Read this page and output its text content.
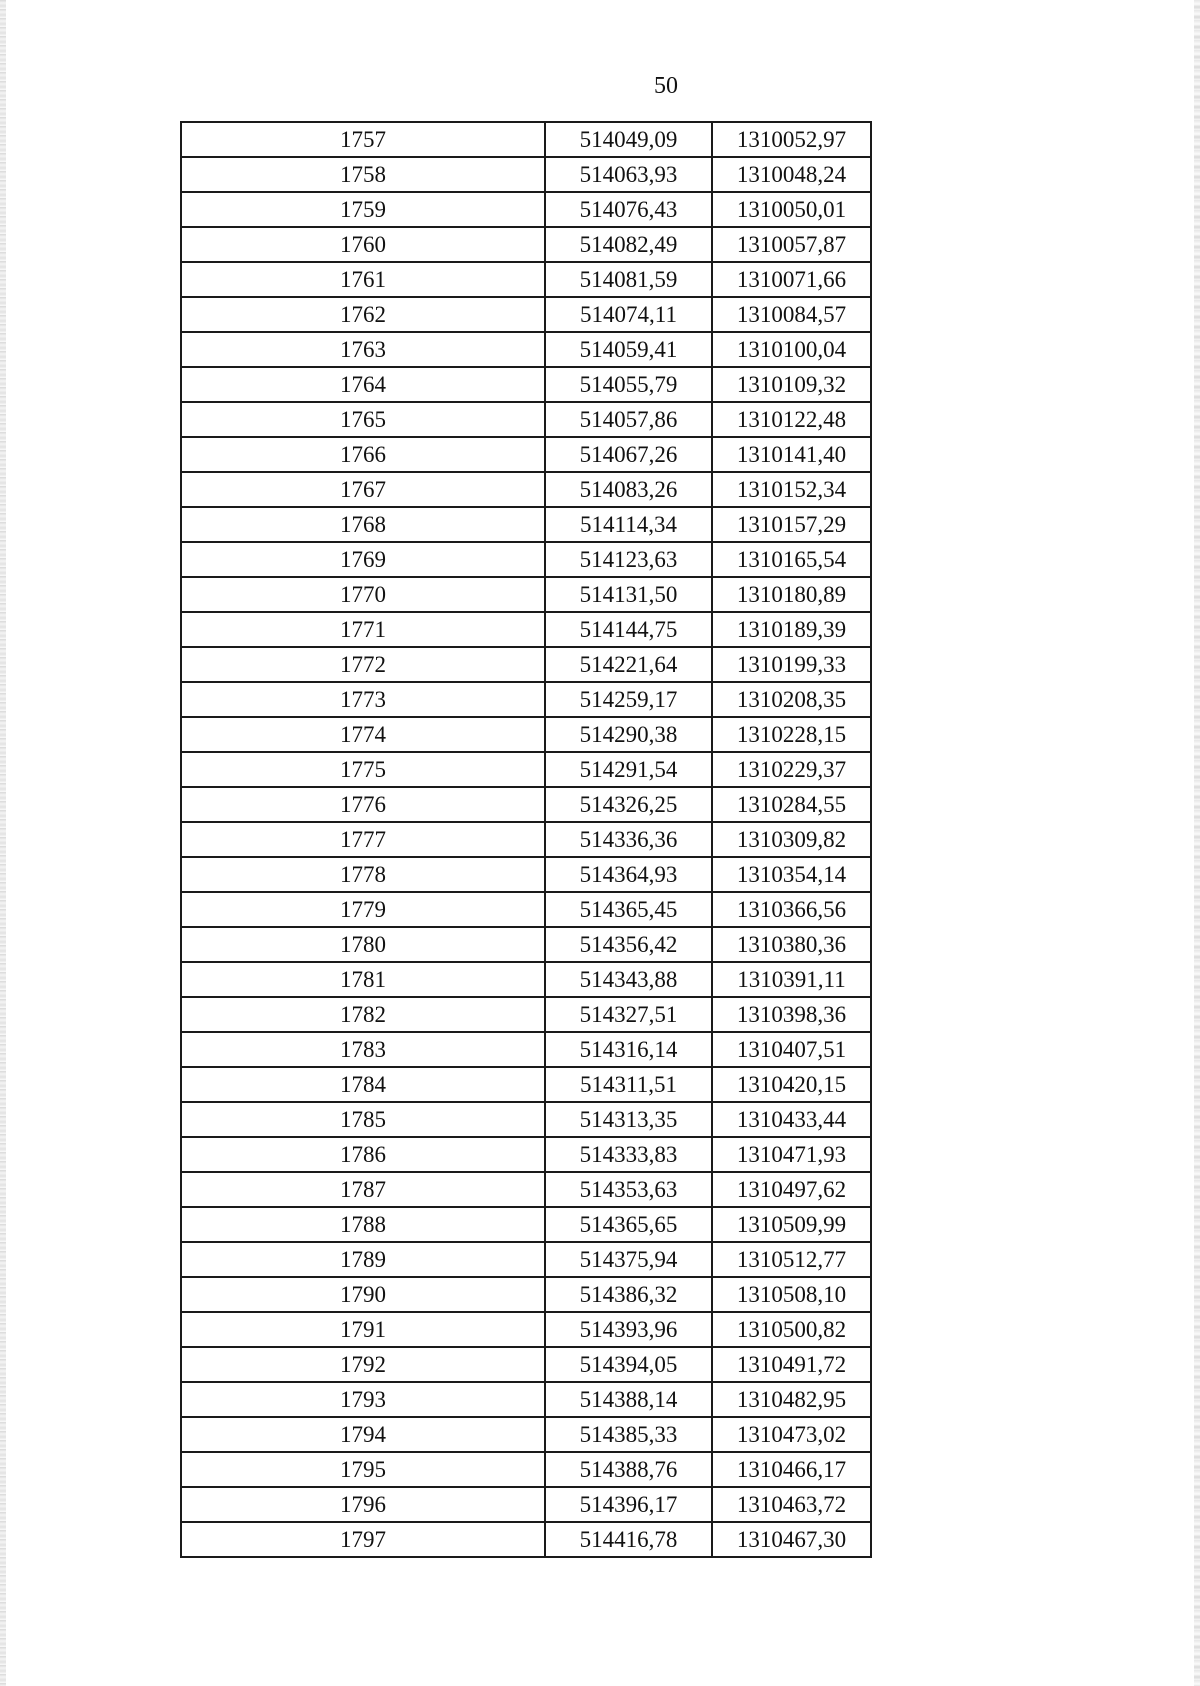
50
1757	514049,09	1310052,97
1758	514063,93	1310048,24
1759	514076,43	1310050,01
1760	514082,49	1310057,87
1761	514081,59	1310071,66
1762	514074,11	1310084,57
1763	514059,41	1310100,04
1764	514055,79	1310109,32
1765	514057,86	1310122,48
1766	514067,26	1310141,40
1767	514083,26	1310152,34
1768	514114,34	1310157,29
1769	514123,63	1310165,54
1770	514131,50	1310180,89
1771	514144,75	1310189,39
1772	514221,64	1310199,33
1773	514259,17	1310208,35
1774	514290,38	1310228,15
1775	514291,54	1310229,37
1776	514326,25	1310284,55
1777	514336,36	1310309,82
1778	514364,93	1310354,14
1779	514365,45	1310366,56
1780	514356,42	1310380,36
1781	514343,88	1310391,11
1782	514327,51	1310398,36
1783	514316,14	1310407,51
1784	514311,51	1310420,15
1785	514313,35	1310433,44
1786	514333,83	1310471,93
1787	514353,63	1310497,62
1788	514365,65	1310509,99
1789	514375,94	1310512,77
1790	514386,32	1310508,10
1791	514393,96	1310500,82
1792	514394,05	1310491,72
1793	514388,14	1310482,95
1794	514385,33	1310473,02
1795	514388,76	1310466,17
1796	514396,17	1310463,72
1797	514416,78	1310467,30
